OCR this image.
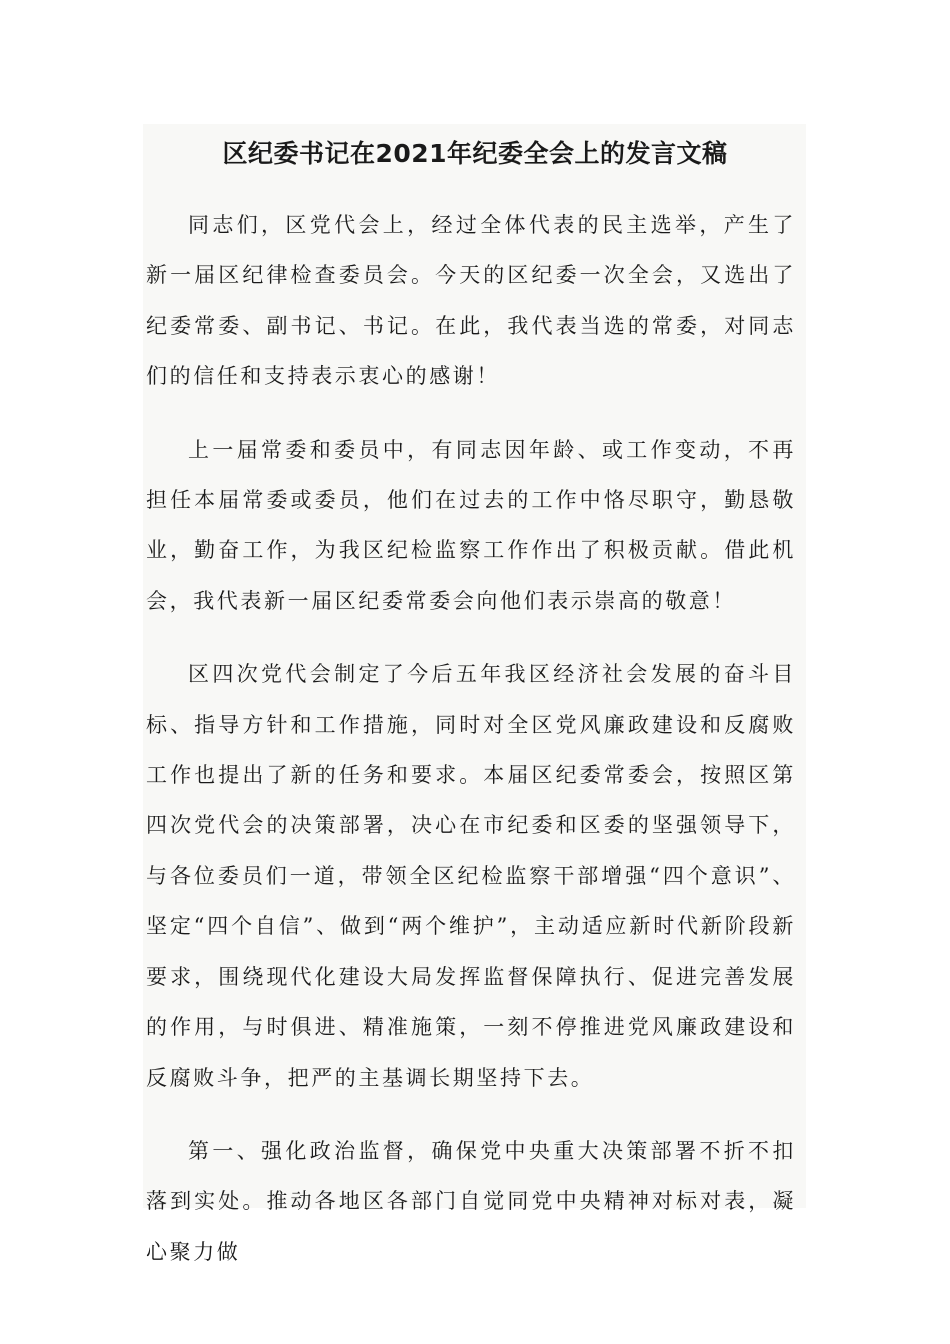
区纪委书记在2021年纪委全会上的发言文稿

同志们，区党代会上，经过全体代表的民主选举，产生了新一届区纪律检查委员会。今天的区纪委一次全会，又选出了纪委常委、副书记、书记。在此，我代表当选的常委，对同志们的信任和支持表示衷心的感谢！

上一届常委和委员中，有同志因年龄、或工作变动，不再担任本届常委或委员，他们在过去的工作中恪尽职守，勤恳敬业，勤奋工作，为我区纪检监察工作作出了积极贡献。借此机会，我代表新一届区纪委常委会向他们表示崇高的敬意！

区四次党代会制定了今后五年我区经济社会发展的奋斗目标、指导方针和工作措施，同时对全区党风廉政建设和反腐败工作也提出了新的任务和要求。本届区纪委常委会，按照区第四次党代会的决策部署，决心在市纪委和区委的坚强领导下，与各位委员们一道，带领全区纪检监察干部增强“四个意识”、坚定“四个自信”、做到“两个维护”，主动适应新时代新阶段新要求，围绕现代化建设大局发挥监督保障执行、促进完善发展的作用，与时俱进、精准施策，一刻不停推进党风廉政建设和反腐败斗争，把严的主基调长期坚持下去。

第一、强化政治监督，确保党中央重大决策部署不折不扣落到实处。推动各地区各部门自觉同党中央精神对标对表，凝心聚力做
